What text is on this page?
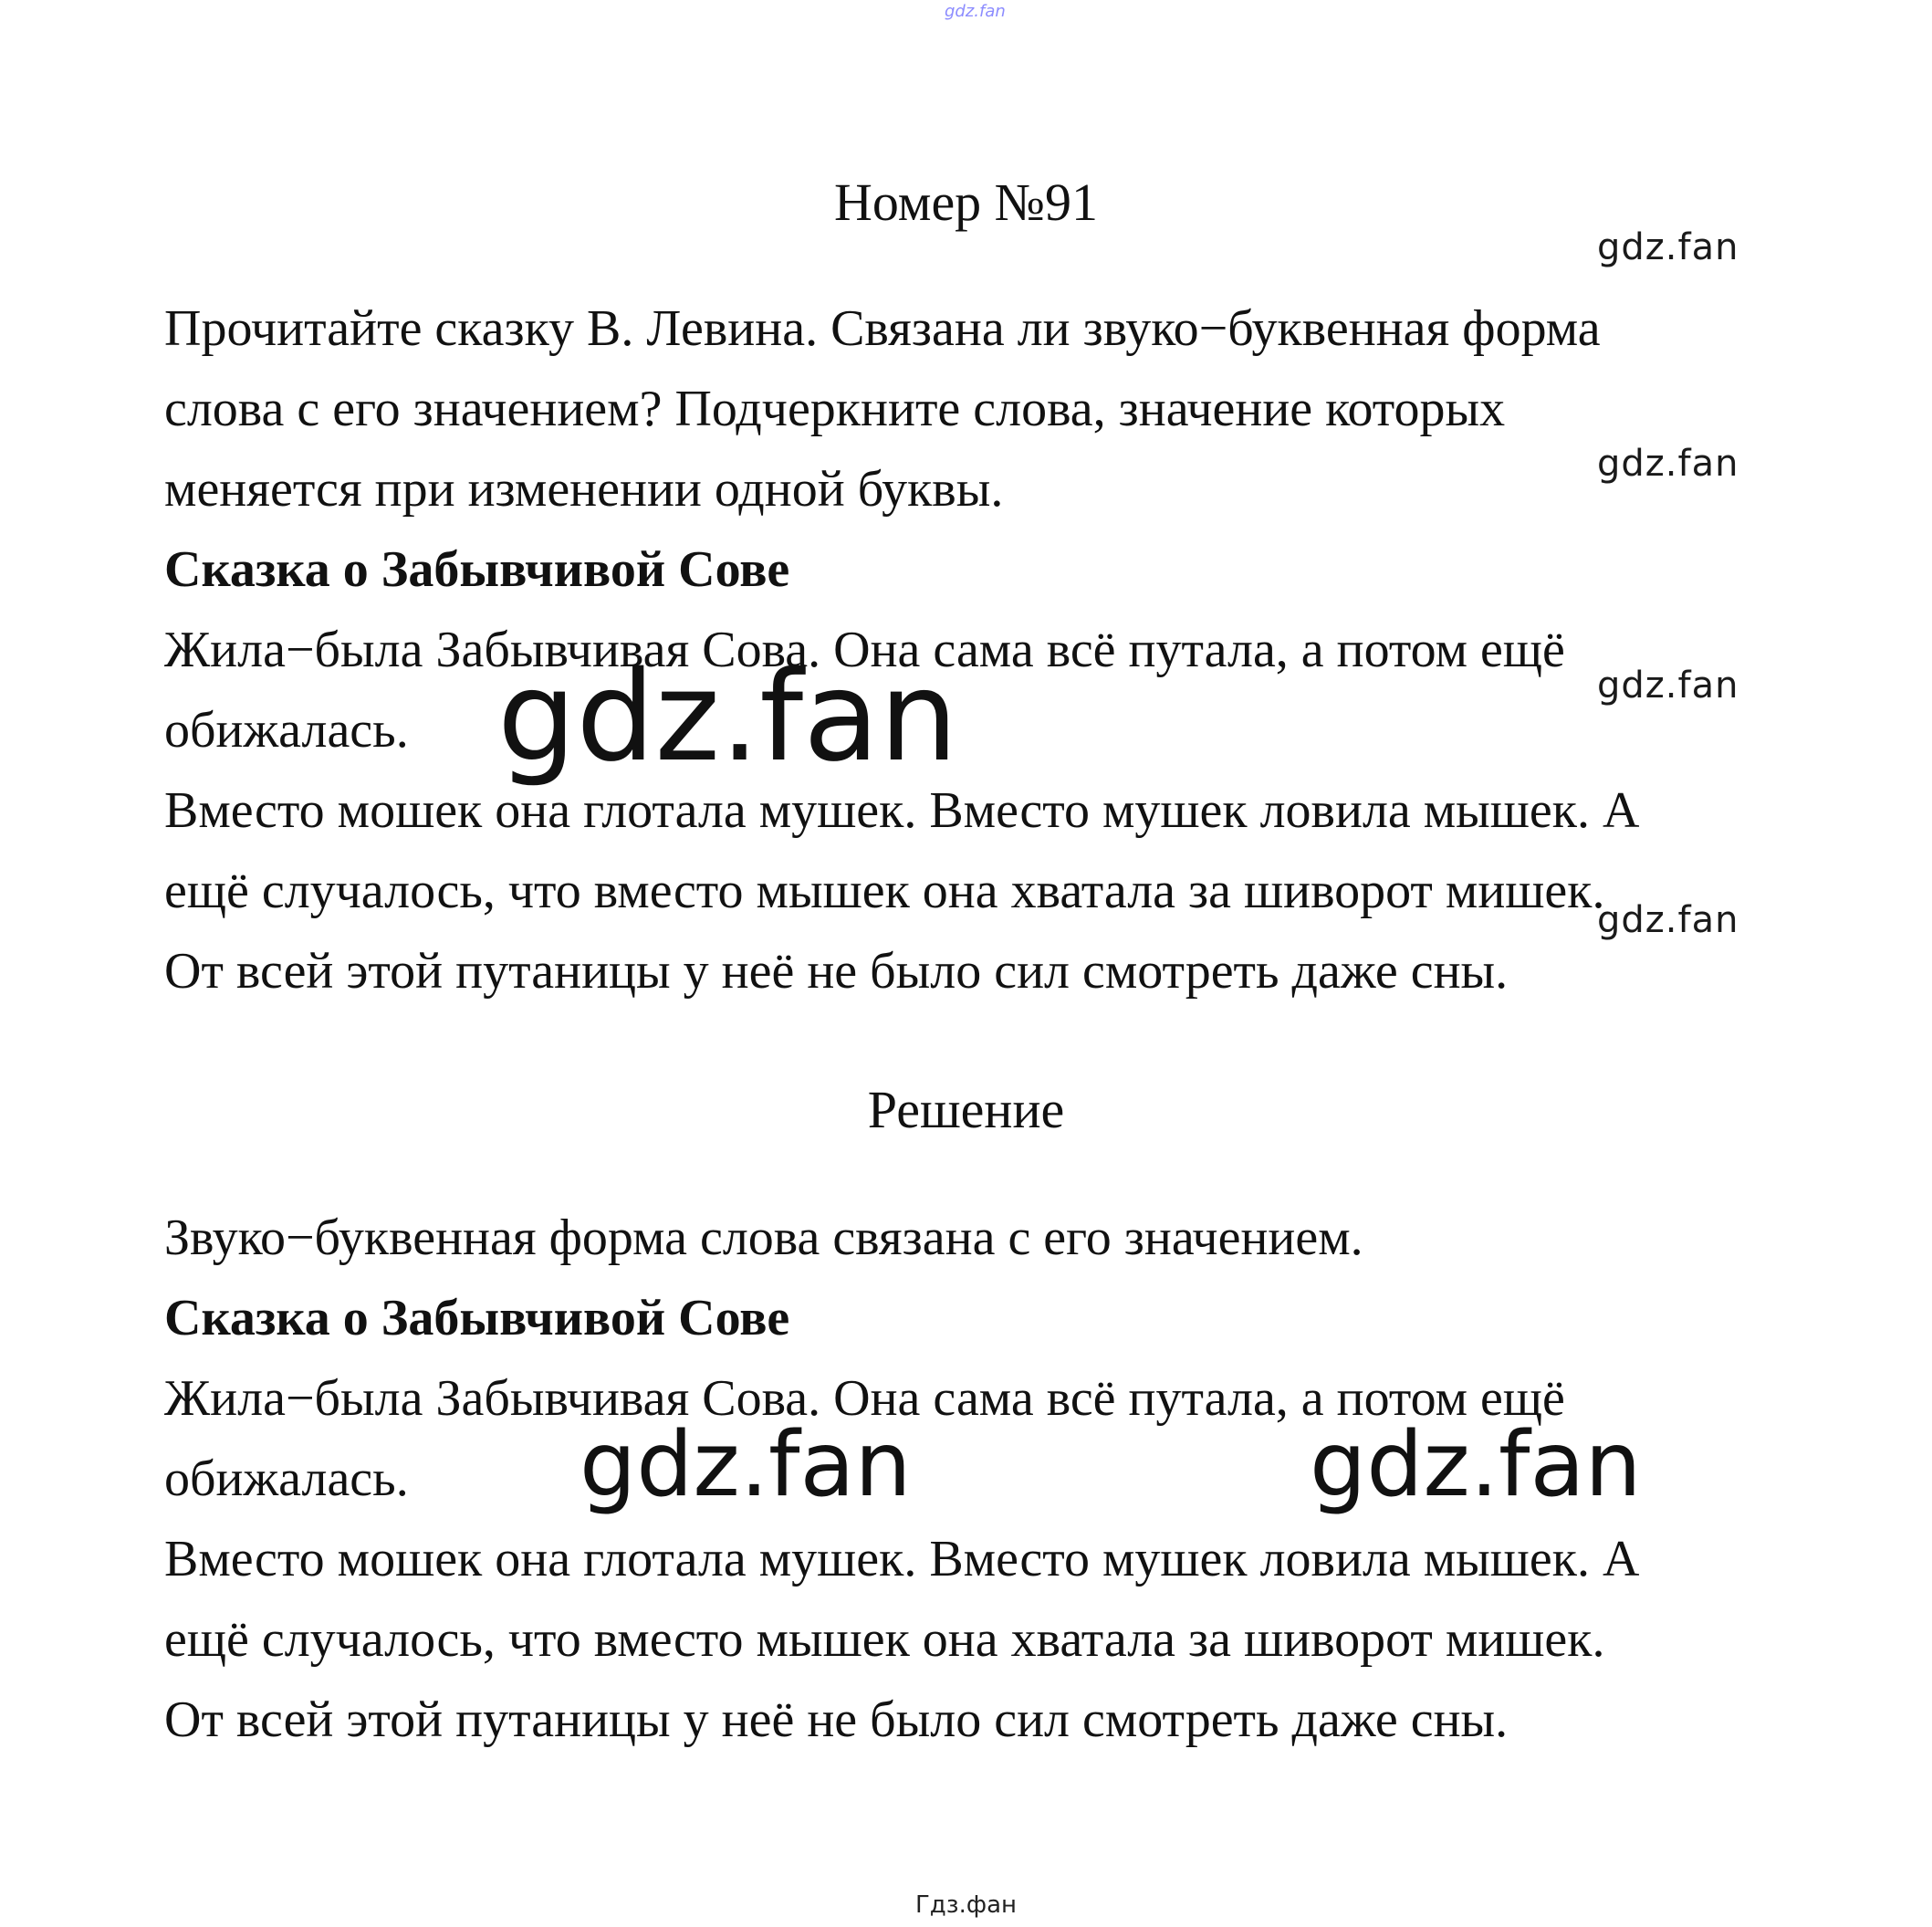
gdz.fan
Номер №91
Прочитайте сказку В. Левина. Связана ли звуко−буквенная форма
слова с его значением? Подчеркните слова, значение которых
меняется при изменении одной буквы.
Сказка о Забывчивой Сове
Жила−была Забывчивая Сова. Она сама всё путала, а потом ещё
обижалась.
Вместо мошек она глотала мушек. Вместо мушек ловила мышек. А
ещё случалось, что вместо мышек она хватала за шиворот мишек.
От всей этой путаницы у неё не было сил смотреть даже сны.
Решение
Звуко−буквенная форма слова связана с его значением.
Сказка о Забывчивой Сове
Жила−была Забывчивая Сова. Она сама всё путала, а потом ещё
обижалась.
Вместо мошек она глотала мушек. Вместо мушек ловила мышек. А
ещё случалось, что вместо мышек она хватала за шиворот мишек.
От всей этой путаницы у неё не было сил смотреть даже сны.
gdz.fan
gdz.fan
gdz.fan
gdz.fan
gdz.fan
gdz.fan	gdz.fan
Гдз.фан
